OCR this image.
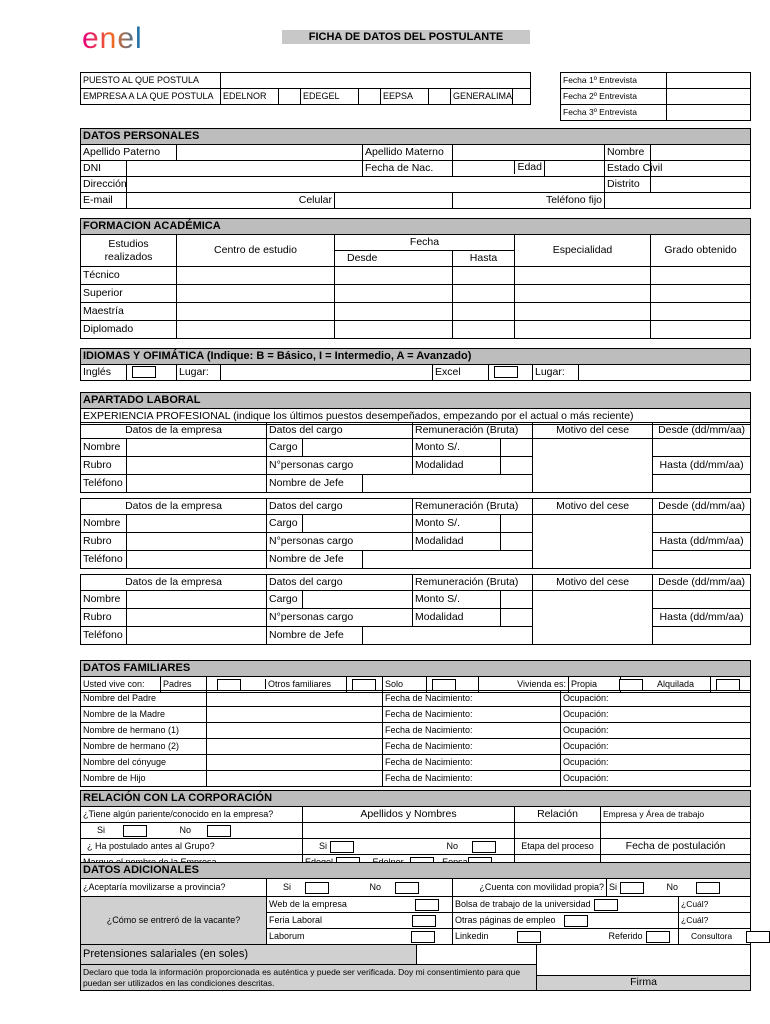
enel	FICHA DE DATOS DEL POSTULANTE
PUESTO AL QUE POSTULA								
EMPRESA A LA QUE POSTULA	EDELNOR		EDEGEL		EEPSA		GENERALIMA	
Fecha 1º Entrevista	
Fecha 2º Entrevista	
Fecha 3º Entrevista	
DATOS PERSONALES								
Apellido Paterno				Apellido Materno			Nombre	
DNI				Fecha de Nac.	Edad		Estado Civil	
Dirección							Distrito	
E-mail	Celular				Teléfono fijo			
FORMACION ACADÉMICA					
Estudios realizados	Centro de estudio	Fecha		Especialidad	Grado obtenido
		Desde	Hasta		
Técnico					
Superior					
Maestría					
Diplomado					
IDIOMAS Y OFIMÁTICA (Indique: B = Básico, I = Intermedio, A = Avanzado)
Inglés		Lugar:		Excel		Lugar:	
APARTADO LABORAL
EXPERIENCIA PROFESIONAL (indique los últimos puestos desempeñados, empezando por el actual o más reciente)
Datos de la empresa		Datos del cargo			Remuneración (Bruta)		Motivo del cese	Desde (dd/mm/aa)
Nombre		Cargo			Monto S/.			
Rubro		N°personas cargo			Modalidad			Hasta (dd/mm/aa)
Teléfono		Nombre de Jefe						
Datos de la empresa		Datos del cargo			Remuneración (Bruta)		Motivo del cese	Desde (dd/mm/aa)
Nombre		Cargo			Monto S/.			
Rubro		N°personas cargo			Modalidad			Hasta (dd/mm/aa)
Teléfono		Nombre de Jefe						
Datos de la empresa		Datos del cargo			Remuneración (Bruta)		Motivo del cese	Desde (dd/mm/aa)
Nombre		Cargo			Monto S/.			
Rubro		N°personas cargo			Modalidad			Hasta (dd/mm/aa)
Teléfono		Nombre de Jefe						
DATOS FAMILIARES
Usted vive con:	Padres	Otros familiares		Solo		Vivienda es:	Propia	Alquilada	
Nombre del Padre		Fecha de Nacimiento:	Ocupación:
Nombre de la Madre		Fecha de Nacimiento:	Ocupación:
Nombre de hermano (1)		Fecha de Nacimiento:	Ocupación:
Nombre de hermano (2)		Fecha de Nacimiento:	Ocupación:
Nombre del cónyuge		Fecha de Nacimiento:	Ocupación:
Nombre de Hijo		Fecha de Nacimiento:	Ocupación:
RELACIÓN CON LA CORPORACIÓN			
¿Tiene algún pariente/conocido en la empresa?	Apellidos y Nombres	Relación	Empresa y Área de trabajo
Si No			
¿ Ha postulado antes al Grupo?	Si No	Etapa del proceso	Fecha de postulación

DATOS ADICIONALES						
¿Aceptaría movilizarse a provincia?	Si No		¿Cuenta con movilidad propia?		Si No	
¿Cómo se entreró de la vacante?	Web de la empresa		Bolsa de trabajo de la universidad			¿Cuál?
	Feria Laboral		Otras páginas de empleo			¿Cuál?
	Laborum		Linkedin		Referido	Consultora
Pretensiones salariales (en soles)				Firma		

Declaro que toda la información proporcionada es auténtica y puede ser verificada. Doy mi consentimiento para que puedan ser utilizados en las condiciones descritas.						
